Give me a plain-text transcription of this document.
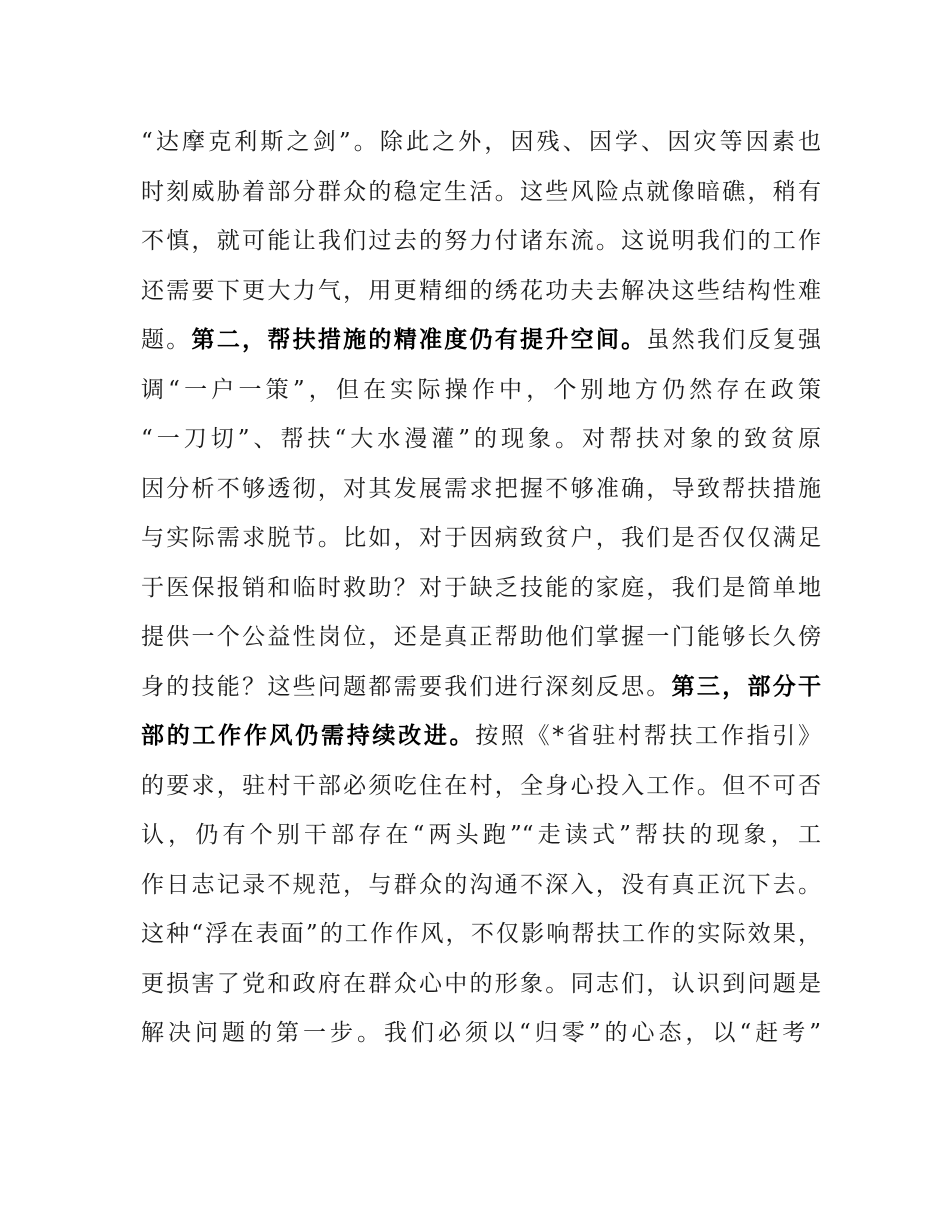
“达摩克利斯之剑”。除此之外，因残、因学、因灾等因素也
时刻威胁着部分群众的稳定生活。这些风险点就像暗礁，稍有
不慎，就可能让我们过去的努力付诸东流。这说明我们的工作
还需要下更大力气，用更精细的绣花功夫去解决这些结构性难
题。第二，帮扶措施的精准度仍有提升空间。虽然我们反复强
调“一户一策”，但在实际操作中，个别地方仍然存在政策
“一刀切”、帮扶“大水漫灌”的现象。对帮扶对象的致贫原
因分析不够透彻，对其发展需求把握不够准确，导致帮扶措施
与实际需求脱节。比如，对于因病致贫户，我们是否仅仅满足
于医保报销和临时救助？对于缺乏技能的家庭，我们是简单地
提供一个公益性岗位，还是真正帮助他们掌握一门能够长久傍
身的技能？这些问题都需要我们进行深刻反思。第三，部分干
部的工作作风仍需持续改进。按照《*省驻村帮扶工作指引》
的要求，驻村干部必须吃住在村，全身心投入工作。但不可否
认，仍有个别干部存在“两头跑”“走读式”帮扶的现象，工
作日志记录不规范，与群众的沟通不深入，没有真正沉下去。
这种“浮在表面”的工作作风，不仅影响帮扶工作的实际效果，
更损害了党和政府在群众心中的形象。同志们，认识到问题是
解决问题的第一步。我们必须以“归零”的心态，以“赶考”
